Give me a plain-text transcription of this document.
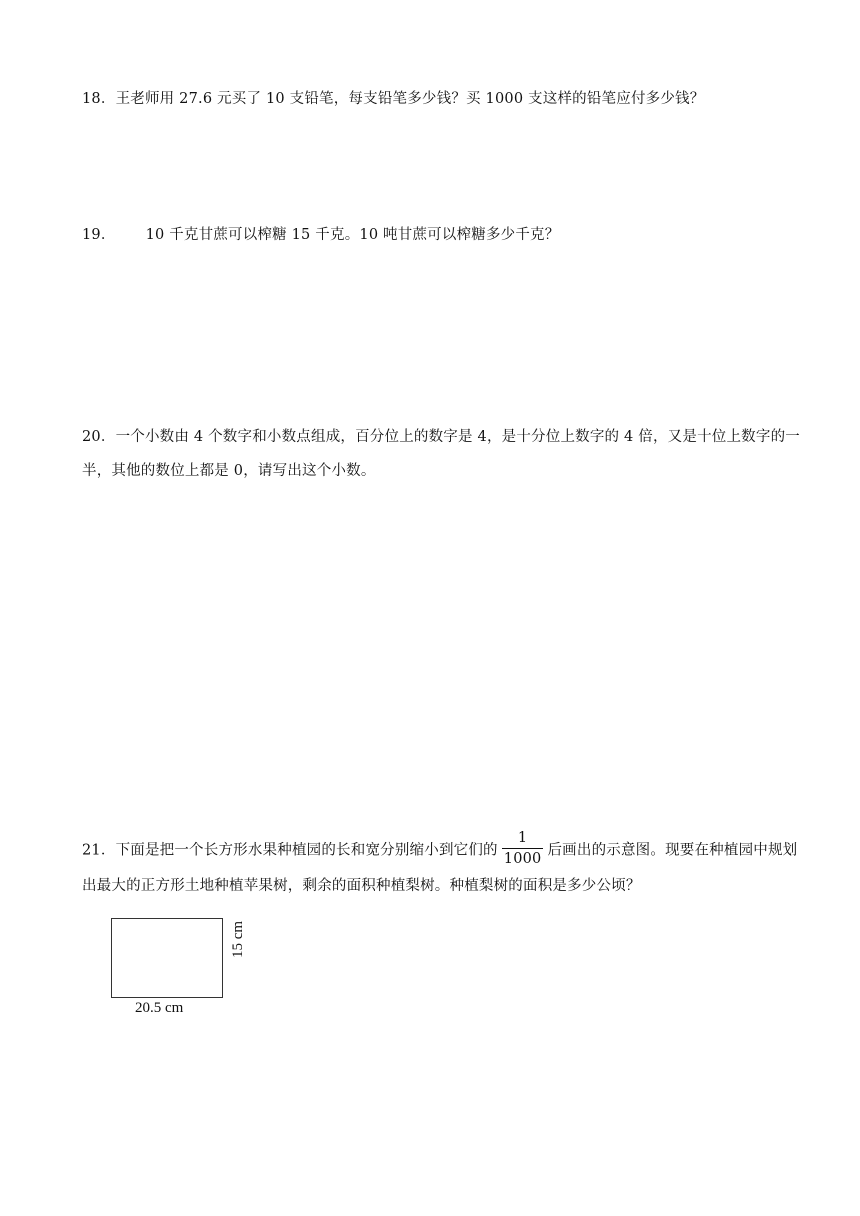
18．王老师用 27.6 元买了 10 支铅笔，每支铅笔多少钱？买 1000 支这样的铅笔应付多少钱？
19． 10 千克甘蔗可以榨糖 15 千克。10 吨甘蔗可以榨糖多少千克？
20．一个小数由 4 个数字和小数点组成，百分位上的数字是 4，是十分位上数字的 4 倍，又是十位上数字的一半，其他的数位上都是 0，请写出这个小数。
21．下面是把一个长方形水果种植园的长和宽分别缩小到它们的 $\frac{1}{1000}$ 后画出的示意图。现要在种植园中规划出最大的正方形土地种植苹果树，剩余的面积种植梨树。种植梨树的面积是多少公顷？
15 cm
20.5 cm
